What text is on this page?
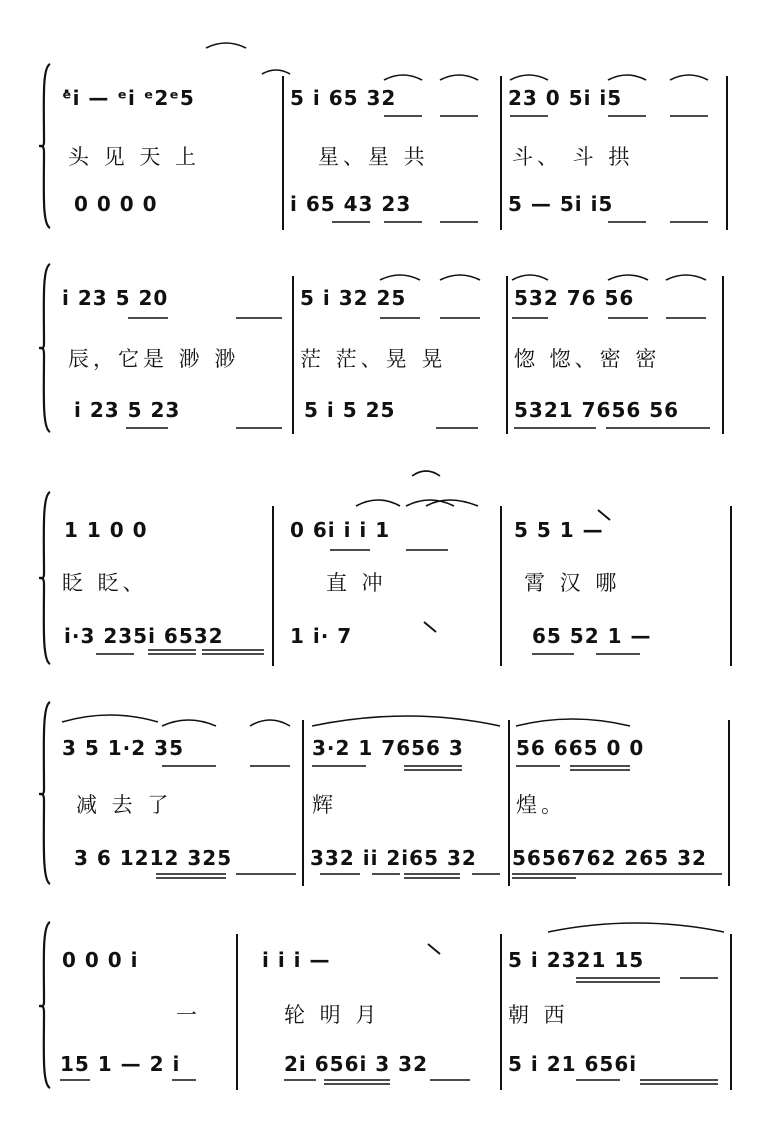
ᵉ̇i — ᵉi ᵉ2ᵉ5	5 i 65 32	23 0 5i i5
头 见 天 上	星、星 共	斗、 斗 拱
0 0 0 0	i 65 43 23	5 — 5i i5
i 23 5 20	5 i 32 25	532 76 56
辰，它是 渺 渺	茫 茫、晃 晃	惚 惚、密 密
i 23 5 23	5 i 5 25	5321 7656 56
1 1 0 0	0 6i i i 1	5 5 1 —
眨 眨、	直 冲	霄 汉 哪
i·3 235i 6532	1 i· 7	65 52 1 —
3 5 1·2 35	3·2 1 7656 3	56 665 0 0
减 去 了	辉	煌。
3 6 1212 325	332 ii 2i65 32	5656762 265 32
0 0 0 i	i i i —	5 i 2321 15
一	轮 明 月	朝 西
15 1 — 2 i	2i 656i 3 32	5 i 21 656i
